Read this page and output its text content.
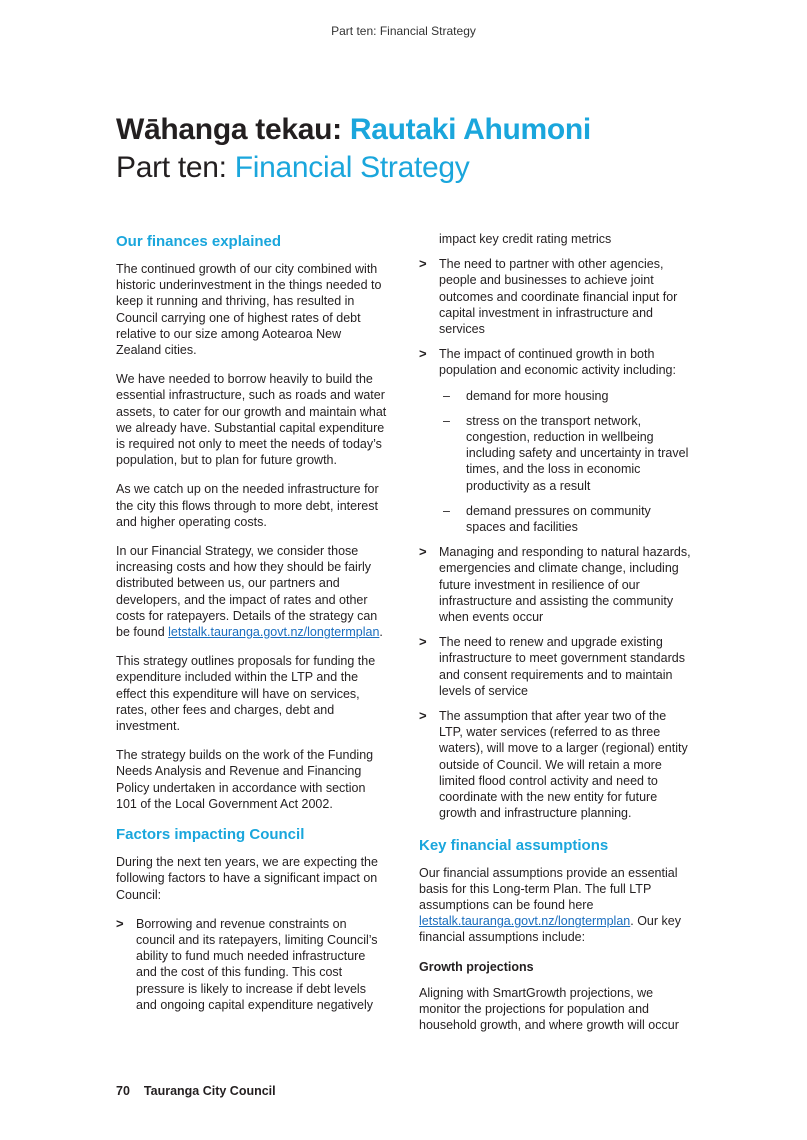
Part ten: Financial Strategy
Wāhanga tekau: Rautaki Ahumoni
Part ten: Financial Strategy
Our finances explained

The continued growth of our city combined with historic underinvestment in the things needed to keep it running and thriving, has resulted in Council carrying one of highest rates of debt relative to our size among Aotearoa New Zealand cities.

We have needed to borrow heavily to build the essential infrastructure, such as roads and water assets, to cater for our growth and maintain what we already have. Substantial capital expenditure is required not only to meet the needs of today’s population, but to plan for future growth.

As we catch up on the needed infrastructure for the city this flows through to more debt, interest and higher operating costs.

In our Financial Strategy, we consider those increasing costs and how they should be fairly distributed between us, our partners and developers, and the impact of rates and other costs for ratepayers. Details of the strategy can be found letstalk.tauranga.govt.nz/longtermplan.

This strategy outlines proposals for funding the expenditure included within the LTP and the effect this expenditure will have on services, rates, other fees and charges, debt and investment.

The strategy builds on the work of the Funding Needs Analysis and Revenue and Financing Policy undertaken in accordance with section 101 of the Local Government Act 2002.

Factors impacting Council

During the next ten years, we are expecting the following factors to have a significant impact on Council:

> Borrowing and revenue constraints on council and its ratepayers, limiting Council’s ability to fund much needed infrastructure and the cost of this funding. This cost pressure is likely to increase if debt levels and ongoing capital expenditure negatively
impact key credit rating metrics
> The need to partner with other agencies, people and businesses to achieve joint outcomes and coordinate financial input for capital investment in infrastructure and services
> The impact of continued growth in both population and economic activity including:
– demand for more housing
– stress on the transport network, congestion, reduction in wellbeing including safety and uncertainty in travel times, and the loss in economic productivity as a result
– demand pressures on community spaces and facilities
> Managing and responding to natural hazards, emergencies and climate change, including future investment in resilience of our infrastructure and assisting the community when events occur
> The need to renew and upgrade existing infrastructure to meet government standards and consent requirements and to maintain levels of service
> The assumption that after year two of the LTP, water services (referred to as three waters), will move to a larger (regional) entity outside of Council. We will retain a more limited flood control activity and need to coordinate with the new entity for future growth and infrastructure planning.
Key financial assumptions

Our financial assumptions provide an essential basis for this Long-term Plan. The full LTP assumptions can be found here letstalk.tauranga.govt.nz/longtermplan. Our key financial assumptions include:

Growth projections

Aligning with SmartGrowth projections, we monitor the projections for population and household growth, and where growth will occur

70 Tauranga City Council
